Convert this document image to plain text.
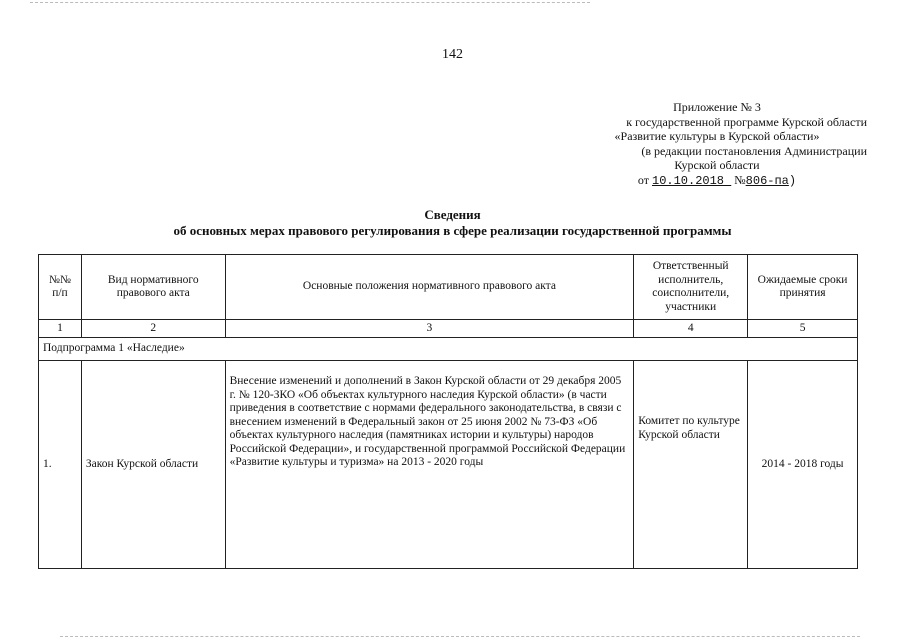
142
Приложение № 3
к государственной программе Курской области
«Развитие культуры в Курской области»
(в редакции постановления Администрации
Курской области
от 10.10.2018 №806-па)
Сведения
об основных мерах правового регулирования в сфере реализации государственной программы
№№ п/п	Вид нормативного правового акта	Основные положения нормативного правового акта	Ответственный исполнитель, соисполнители, участники	Ожидаемые сроки принятия
1	2	3	4	5
Подпрограмма 1 «Наследие»				
1.	Закон Курской области	Внесение изменений и дополнений в Закон Курской области от 29 декабря 2005 г. № 120-ЗКО «Об объектах культурного наследия Курской области» (в части приведения в соответствие с нормами федерального законодательства, в связи с внесением изменений в Федеральный закон от 25 июня 2002 № 73-ФЗ «Об объектах культурного наследия (памятниках истории и культуры) народов Российской Федерации», и государственной программой Российской Федерации «Развитие культуры и туризма» на 2013 - 2020 годы	Комитет по культуре Курской области	2014 - 2018 годы
